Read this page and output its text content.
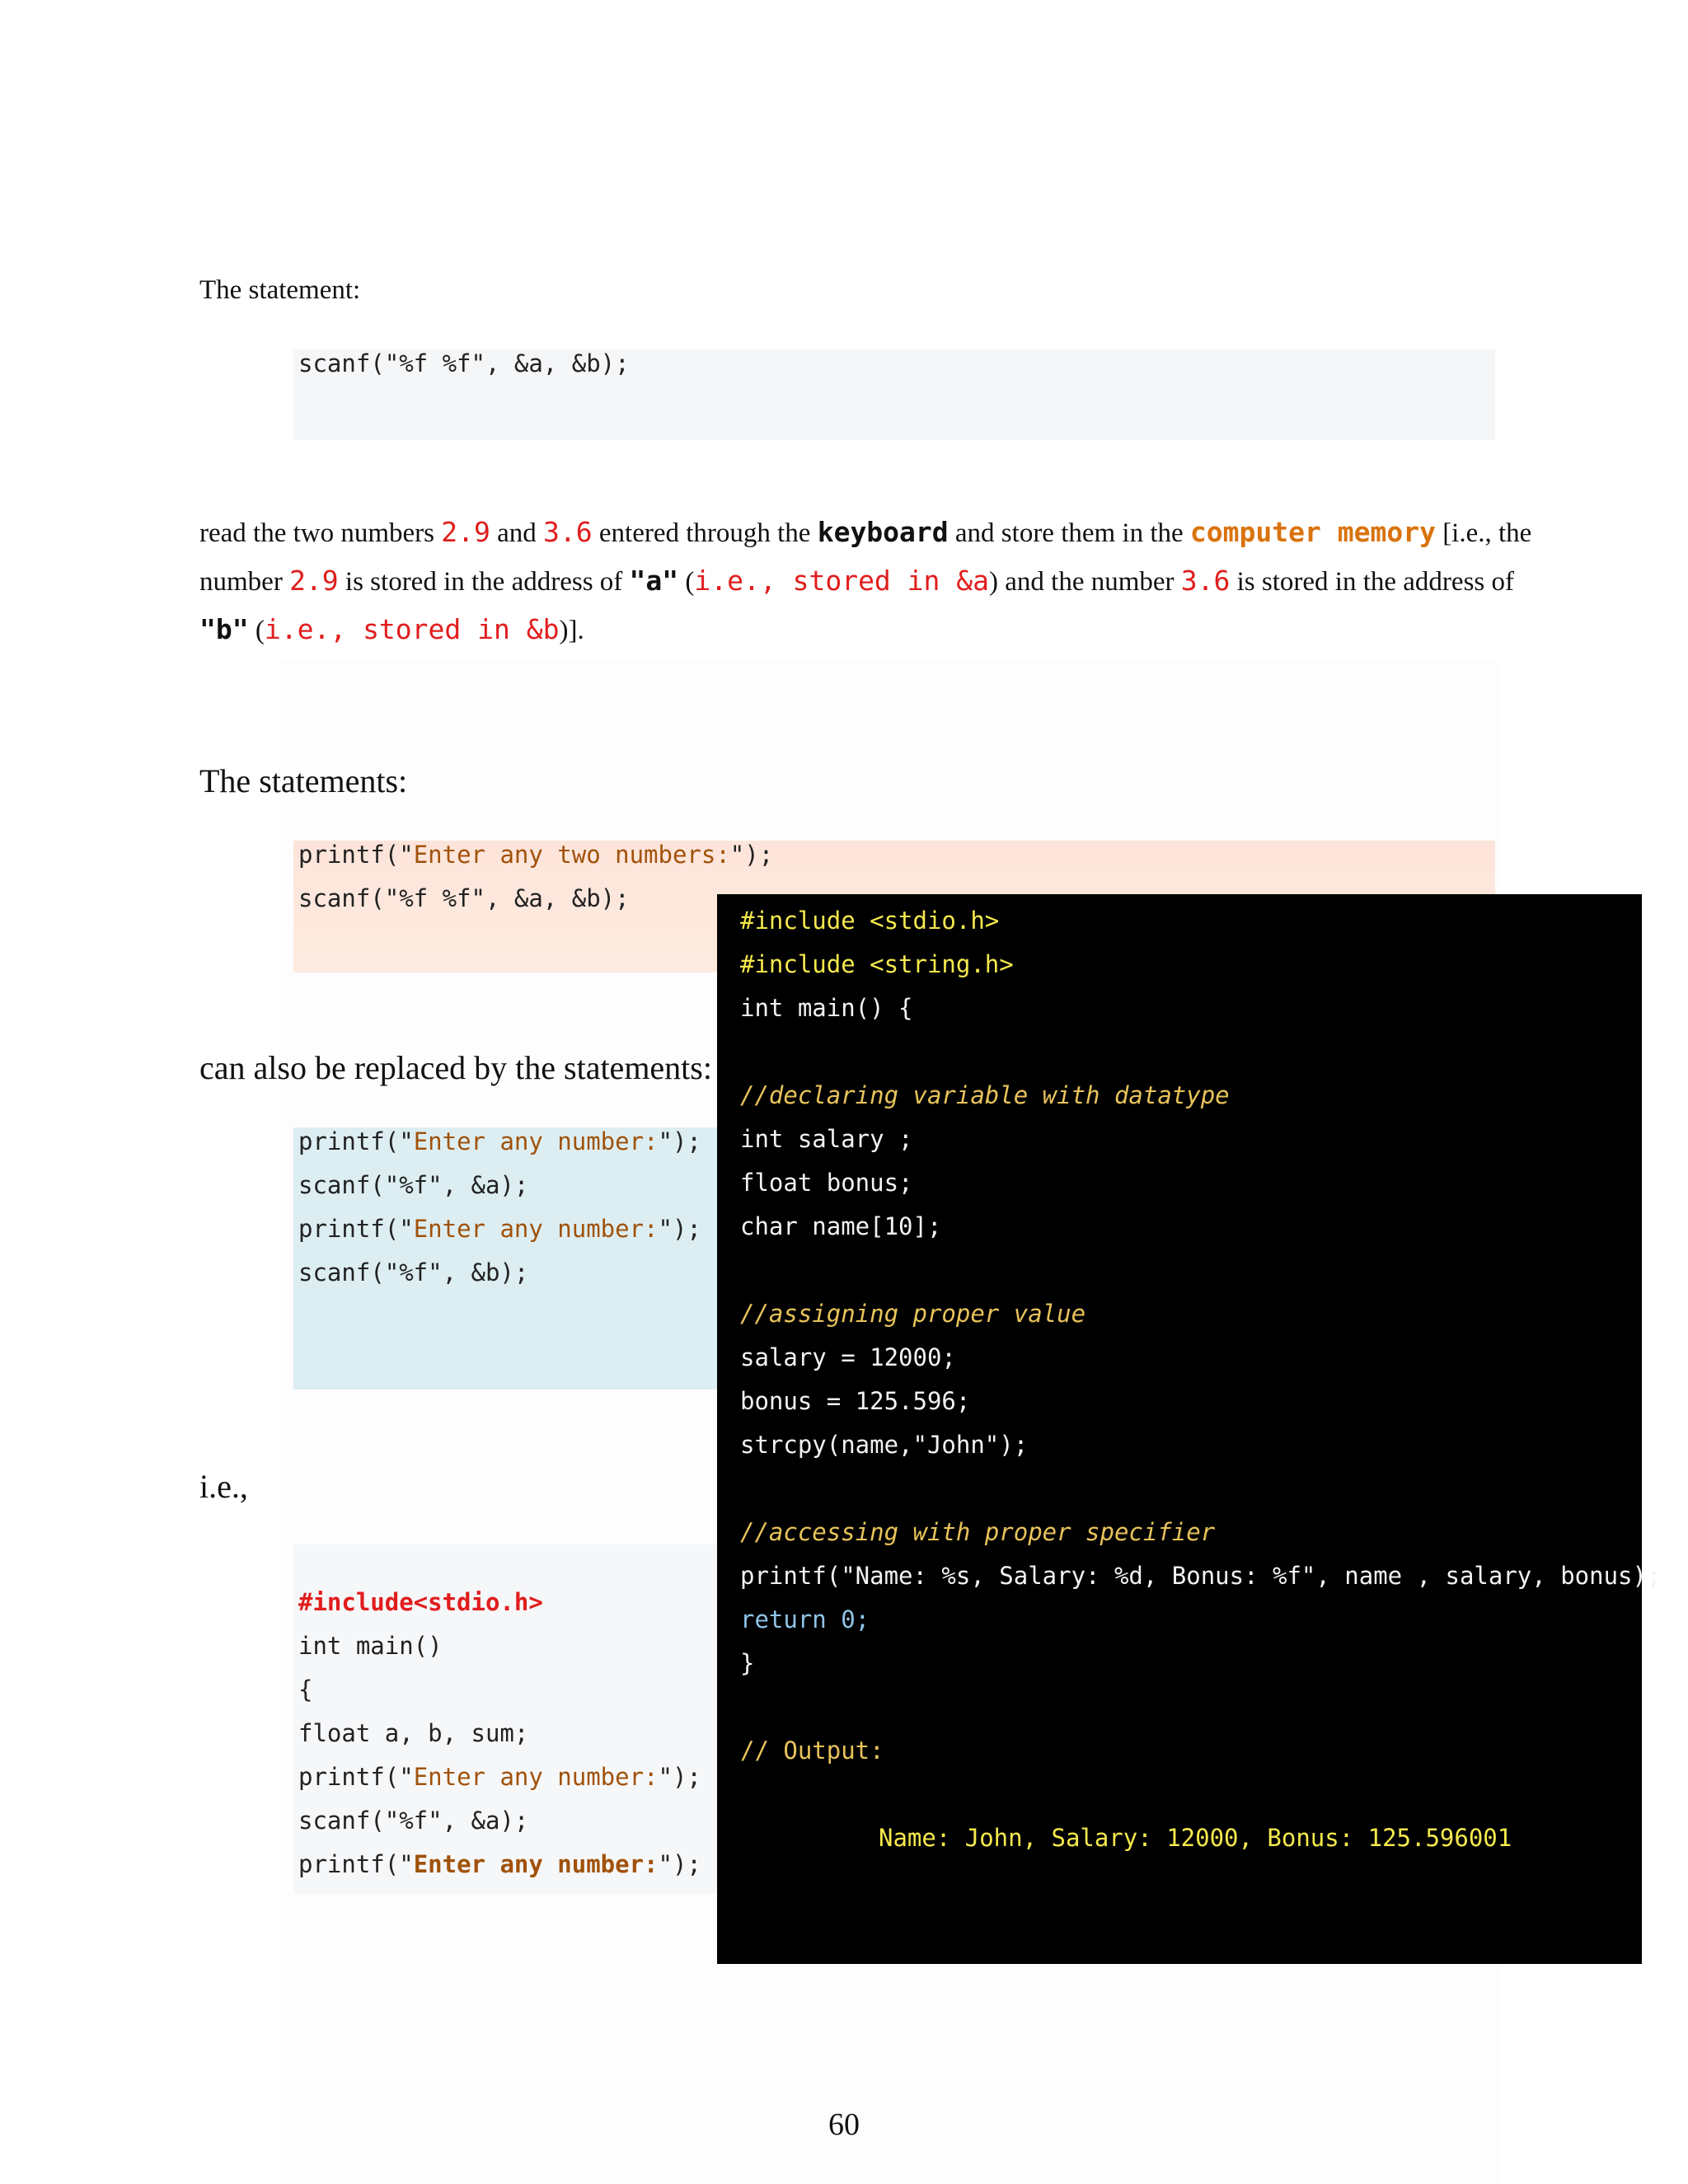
The statement:
scanf("%f %f", &a, &b);
read the two numbers 2.9 and 3.6 entered through the keyboard and store them in the computer memory [i.e., the
number 2.9 is stored in the address of "a" (i.e., stored in &a) and the number 3.6 is stored in the address of
"b" (i.e., stored in &b)].
The statements:
printf("Enter any two numbers:");
scanf("%f %f", &a, &b);
can also be replaced by the statements:
printf("Enter any number:");
scanf("%f", &a);
printf("Enter any number:");
scanf("%f", &b);
i.e.,
#include<stdio.h>
int main()
{
float a, b, sum;
printf("Enter any number:");
scanf("%f", &a);
printf("Enter any number:");
#include <stdio.h>
#include <string.h>
int main() {
//declaring variable with datatype
int salary ;
float bonus;
char name[10];
//assigning proper value
salary = 12000;
bonus = 125.596;
strcpy(name,"John");
//accessing with proper specifier
printf("Name: %s, Salary: %d, Bonus: %f", name , salary, bonus);
return 0;
}
// Output:
Name: John, Salary: 12000, Bonus: 125.596001
60
